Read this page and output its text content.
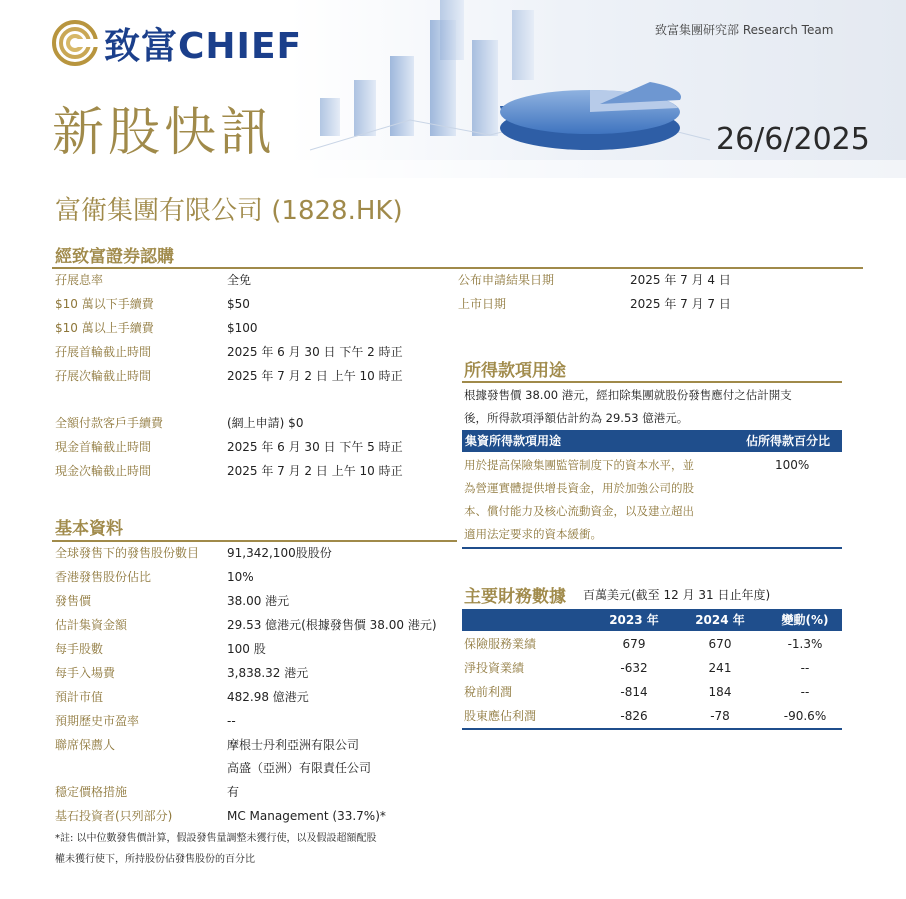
致富CHIEF	致富集團研究部 Research Team
新股快訊	26/6/2025
富衛集團有限公司 (1828.HK)
經致富證券認購
孖展息率	全免
$10 萬以下手續費	$50
$10 萬以上手續費	$100
孖展首輪截止時間	2025 年 6 月 30 日 下午 2 時正
孖展次輪截止時間	2025 年 7 月 2 日 上午 10 時正
全額付款客戶手續費	(網上申請) $0
現金首輪截止時間	2025 年 6 月 30 日 下午 5 時正
現金次輪截止時間	2025 年 7 月 2 日 上午 10 時正
公布申請結果日期	2025 年 7 月 4 日
上市日期	2025 年 7 月 7 日
基本資料
全球發售下的發售股份數目 91,342,100股股份
香港發售股份佔比	10%
發售價	38.00 港元
估計集資金額	29.53 億港元(根據發售價 38.00 港元)
每手股數	100 股
每手入場費	3,838.32 港元
預計市值	482.98 億港元
預期歷史市盈率	--
聯席保薦人	摩根士丹利亞洲有限公司
高盛（亞洲）有限責任公司
穩定價格措施	有
基石投資者(只列部分)	MC Management (33.7%)*
*註: 以中位數發售價計算，假設發售量調整未獲行使，以及假設超額配股
權未獲行使下，所持股份佔發售股份的百分比
所得款項用途
根據發售價 38.00 港元，經扣除集團就股份發售應付之估計開支
後，所得款項淨額估計約為 29.53 億港元。
集資所得款項用途	佔所得款百分比
用於提高保險集團監管制度下的資本水平，並
為營運實體提供增長資金，用於加強公司的股
本、償付能力及核心流動資金，以及建立超出
適用法定要求的資本緩衝。
100%
主要財務數據 百萬美元(截至 12 月 31 日止年度)
2023 年	2024 年	變動(%)
保險服務業績	679	670	-1.3%
淨投資業績	-632	241	--
稅前利潤	-814	184	--
股東應佔利潤	-826	-78	-90.6%
